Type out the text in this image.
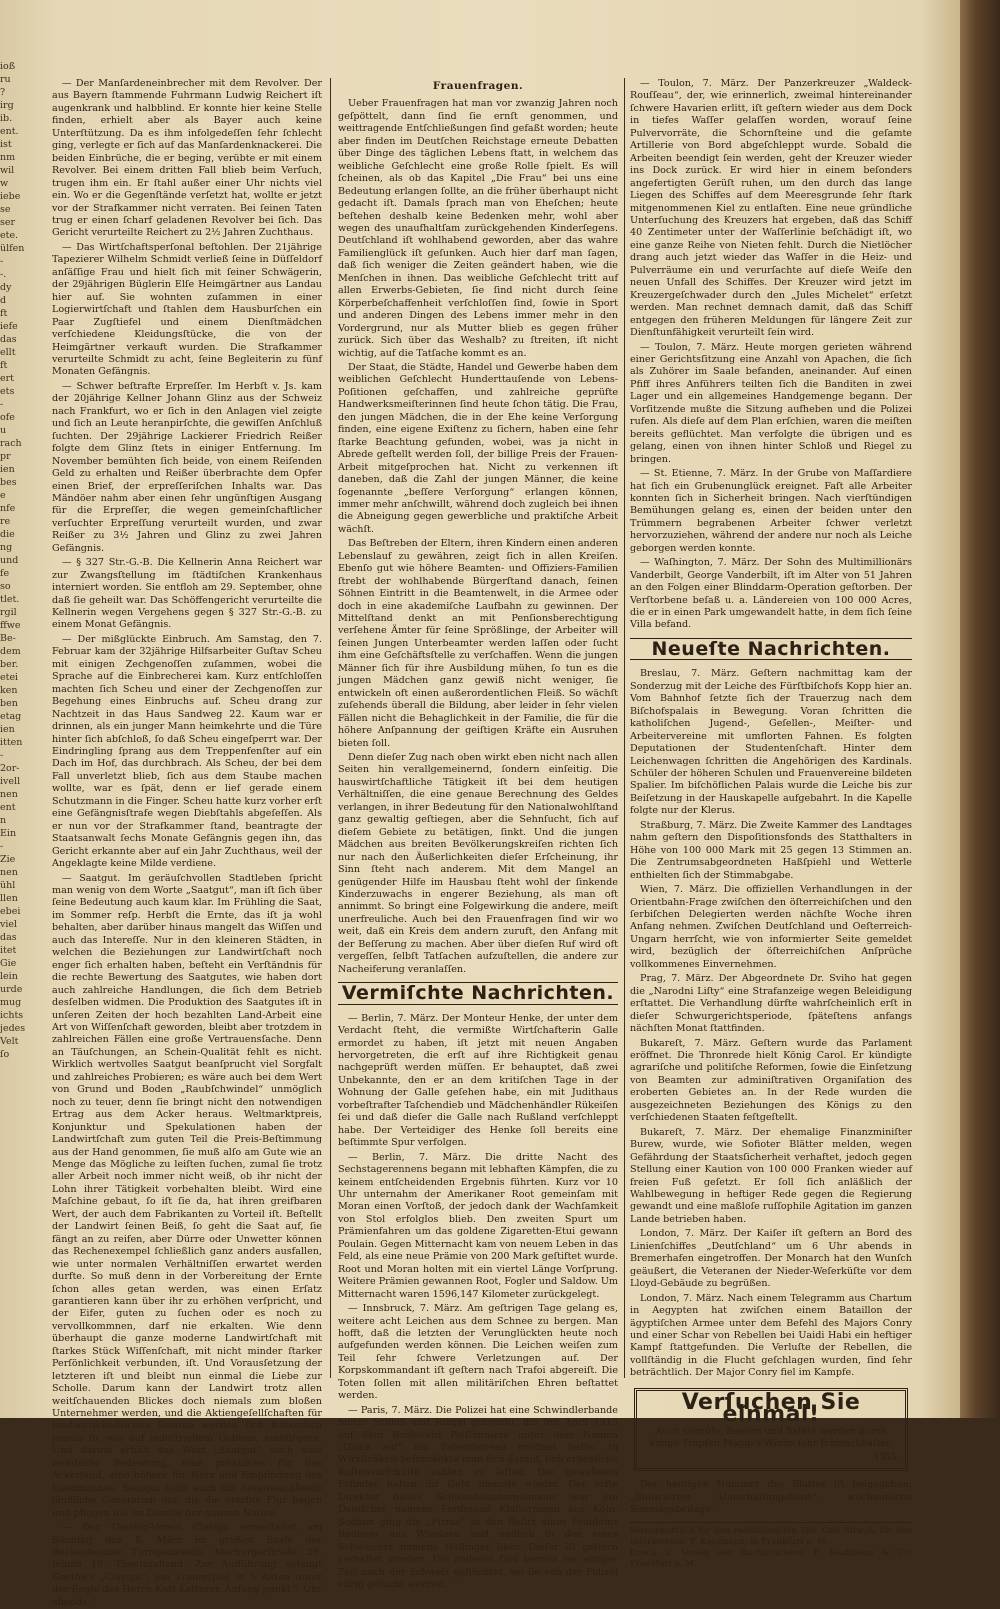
ioß
ru
?
irg
ib.
ent.
ist
nm
wil
w
iebe
se
ser
ete.
ülfen
-
-.
dy
d
ft
iefe
das
ellt
ft
ert
ets
-
ofe
u
rach
pr
ien
bes
e
nfe
re
die
ng
und
fe
so
tlet.
rgil
ffwe
Be-
dem
ber.
etei
ken
ben
etag
ien
itten
-
2or-
ivell
nen
ent
n
Ein
-
Zie
nen
ühl
llen
ebei
viel
das
itet
Gie
lein
urde
mug
ichts
jedes
Velt
ſo

— Der Manſardeneinbrecher mit dem Revolver. Der aus Bayern ſtammende Fuhrmann Ludwig Reichert iſt augenkrank und halbblind. Er konnte hier keine Stelle finden, erhielt aber als Bayer auch keine Unterſtützung. Da es ihm infolgedeſſen ſehr ſchlecht ging, verlegte er ſich auf das Manſardenknackerei. Die beiden Einbrüche, die er beging, verübte er mit einem Revolver. Bei einem dritten Fall blieb beim Verſuch, trugen ihm ein. Er ſtahl außer einer Uhr nichts viel ein. Wo er die Gegenſtände verſetzt hat, wollte er jetzt vor der Strafkammer nicht verraten. Bei ſeinen Taten trug er einen ſcharf geladenen Revolver bei ſich. Das Gericht verurteilte Reichert zu 2½ Jahren Zuchthaus.

— Das Wirtſchaftsperſonal beſtohlen. Der 21jährige Tapezierer Wilhelm Schmidt verließ ſeine in Düſſeldorf anſäſſige Frau und hielt ſich mit ſeiner Schwägerin, der 29jährigen Büglerin Elſe Heimgärtner aus Landau hier auf. Sie wohnten zuſammen in einer Logierwirtſchaft und ſtahlen dem Hausburſchen ein Paar Zugſtiefel und einem Dienſtmädchen verſchiedene Kleidungsſtücke, die von der Heimgärtner verkauft wurden. Die Strafkammer verurteilte Schmidt zu acht, ſeine Begleiterin zu fünf Monaten Gefängnis.

— Schwer beſtrafte Erpreſſer. Im Herbſt v. Js. kam der 20jährige Kellner Johann Glinz aus der Schweiz nach Frankfurt, wo er ſich in den Anlagen viel zeigte und ſich an Leute heranpirſchte, die gewiſſen Anſchluß ſuchten. Der 29jährige Lackierer Friedrich Reißer folgte dem Glinz ſtets in einiger Entfernung. Im November bemühten ſich beide, von einem Reiſenden Geld zu erhalten und Reißer überbrachte dem Opfer einen Brief, der erpreſſeriſchen Inhalts war. Das Mändöer nahm aber einen ſehr ungünſtigen Ausgang für die Erpreſſer, die wegen gemeinſchaftlicher verſuchter Erpreſſung verurteilt wurden, und zwar Reißer zu 3½ Jahren und Glinz zu zwei Jahren Gefängnis.

— § 327 Str.-G.-B. Die Kellnerin Anna Reichert war zur Zwangsſtellung im ſtädtiſchen Krankenhaus interniert worden. Sie entfloh am 29. September, ohne daß ſie geheilt war. Das Schöffengericht verurteilte die Kellnerin wegen Vergehens gegen § 327 Str.-G.-B. zu einem Monat Gefängnis.

— Der mißglückte Einbruch. Am Samstag, den 7. Februar kam der 32jährige Hilfsarbeiter Guſtav Scheu mit einigen Zechgenoſſen zuſammen, wobei die Sprache auf die Einbrecherei kam. Kurz entſchloſſen machten ſich Scheu und einer der Zechgenoſſen zur Begehung eines Einbruchs auf. Scheu drang zur Nachtzeit in das Haus Sandweg 22. Kaum war er drinnen, als ein junger Mann heimkehrte und die Türe hinter ſich abſchloß, ſo daß Scheu eingeſperrt war. Der Eindringling ſprang aus dem Treppenfenſter auf ein Dach im Hof, das durchbrach. Als Scheu, der bei dem Fall unverletzt blieb, ſich aus dem Staube machen wollte, war es ſpät, denn er lief gerade einem Schutzmann in die Finger. Scheu hatte kurz vorher erſt eine Gefängnisſtrafe wegen Diebſtahls abgeſeſſen. Als er nun vor der Strafkammer ſtand, beantragte der Staatsanwalt ſechs Monate Gefängnis gegen ihn, das Gericht erkannte aber auf ein Jahr Zuchthaus, weil der Angeklagte keine Milde verdiene.

— Saatgut. Im geräuſchvollen Stadtleben ſpricht man wenig von dem Worte „Saatgut“, man iſt ſich über ſeine Bedeutung auch kaum klar. Im Frühling die Saat, im Sommer reſp. Herbſt die Ernte, das iſt ja wohl behalten, aber darüber hinaus mangelt das Wiſſen und auch das Intereſſe. Nur in den kleineren Städten, in welchen die Beziehungen zur Landwirtſchaft noch enger ſich erhalten haben, beſteht ein Verſtändnis für die rechte Bewertung des Saatgutes, wie haben dort auch zahlreiche Handlungen, die ſich dem Betrieb desſelben widmen. Die Produktion des Saatgutes iſt in unſeren Zeiten der hoch bezahlten Land-Arbeit eine Art von Wiſſenſchaft geworden, bleibt aber trotzdem in zahlreichen Fällen eine große Vertrauensſache. Denn an Täuſchungen, an Schein-Qualität fehlt es nicht. Wirklich wertvolles Saatgut beanſprucht viel Sorgfalt und zahlreiches Probieren; es wäre auch bei dem Wert von Grund und Boden „Raubſchwindel“ unmöglich noch zu teuer, denn ſie bringt nicht den notwendigen Ertrag aus dem Acker heraus. Weltmarktpreis, Konjunktur und Spekulationen haben der Landwirtſchaft zum guten Teil die Preis-Beſtimmung aus der Hand genommen, ſie muß alſo am Gute wie an Menge das Mögliche zu leiſten ſuchen, zumal ſie trotz aller Arbeit noch immer nicht weiß, ob ihr nicht der Lohn ihrer Tätigkeit vorbehalten bleibt. Wird eine Maſchine gebaut, ſo iſt ſie da, hat ihren greifbaren Wert, der auch dem Fabrikanten zu Vorteil iſt. Beſtellt der Landwirt ſeinen Beiß, ſo geht die Saat auf, ſie fängt an zu reifen, aber Dürre oder Unwetter können das Rechenexempel ſchließlich ganz anders ausfallen, wie unter normalen Verhältniſſen erwartet werden durfte. So muß denn in der Vorbereitung der Ernte ſchon alles getan werden, was einen Erſatz garantieren kann über ihr zu erhöhen verſpricht, und der Eifer, guten zu ſuchen oder es noch zu vervollkommnen, darf nie erkalten. Wie denn überhaupt die ganze moderne Landwirtſchaft mit ſtarkes Stück Wiſſenſchaft, mit nicht minder ſtarker Perſönlichkeit verbunden, iſt. Und Vorausſetzung der letzteren iſt und bleibt nun einmal die Liebe zur Scholle. Darum kann der Landwirt trotz allen weitſchauenden Blickes doch niemals zum bloßen Unternehmer werden, und die Aktiengeſellſchaften für landwirtſchaftlichen Betrieb werden ſich ſchwerlich jemals ſo, wie auf induſtriellem Gebiete, einbürgern. Und darum erhält das Wort „Saatgut“ auch eine zweifache Bedeutung, eine praktiſche für das Ackerland, eine höhere für Herz und Empfindung des Landmannes. Saatgut ſtellt auch die heranwachſende ländliche Generation dar, die die ererbte Flur hegen und pflegen ſoll im Dienſte der ganzen Nation.

— Der Theater-Verein Clavigo veranſtaltet am Sonntag den 8. März im großen Saale der Bockenheimer Turngemeinde, Marburgerſtraße 28, ſeinen 10. Theaterabend. Zur Aufführung gelangt Goethe's „Clavigo“, ein Trauerſpiel in 5 Akten unter der Regie des Herrn Karl Ketterer. Anfang punkt 7 Uhr abends.

Frauenfragen.

Ueber Frauenfragen hat man vor zwanzig Jahren noch geſpöttelt, dann ſind ſie ernſt genommen, und weittragende Entſchließungen ſind gefaßt worden; heute aber finden im Deutſchen Reichstage erneute Debatten über Dinge des täglichen Lebens ſtatt, in welchem das weibliche Geſchlecht eine große Rolle ſpielt. Es will ſcheinen, als ob das Kapitel „Die Frau“ bei uns eine Bedeutung erlangen ſollte, an die früher überhaupt nicht gedacht iſt. Damals ſprach man von Eheſchen; heute beſtehen deshalb keine Bedenken mehr, wohl aber wegen des unaufhaltſam zurückgehenden Kinderſegens. Deutſchland iſt wohlhabend geworden, aber das wahre Familienglück iſt geſunken. Auch hier darf man ſagen, daß ſich weniger die Zeiten geändert haben, wie die Menſchen in ihnen. Das weibliche Geſchlecht tritt auf allen Erwerbs-Gebieten, ſie ſind nicht durch ſeine Körperbeſchaffenheit verſchloſſen ſind, ſowie in Sport und anderen Dingen des Lebens immer mehr in den Vordergrund, nur als Mutter blieb es gegen früher zurück. Sich über das Weshalb? zu ſtreiten, iſt nicht wichtig, auf die Tatſache kommt es an.

Der Staat, die Städte, Handel und Gewerbe haben dem weiblichen Geſchlecht Hunderttauſende von Lebens-Poſitionen geſchaffen, und zahlreiche geprüfte Handwerksmeiſterinnen ſind heute ſchon tätig. Die Frau, den jungen Mädchen, die in der Ehe keine Verſorgung finden, eine eigene Exiſtenz zu ſichern, haben eine ſehr ſtarke Beachtung gefunden, wobei, was ja nicht in Abrede geſtellt werden ſoll, der billige Preis der Frauen-Arbeit mitgeſprochen hat. Nicht zu verkennen iſt daneben, daß die Zahl der jungen Männer, die keine ſogenannte „beſſere Verſorgung“ erlangen können, immer mehr anſchwillt, während doch zugleich bei ihnen die Abneigung gegen gewerbliche und praktiſche Arbeit wächſt.

Das Beſtreben der Eltern, ihren Kindern einen anderen Lebenslauf zu gewähren, zeigt ſich in allen Kreiſen. Ebenſo gut wie höhere Beamten- und Offiziers-Familien ſtrebt der wohlhabende Bürgerſtand danach, ſeinen Söhnen Eintritt in die Beamtenwelt, in die Armee oder doch in eine akademiſche Laufbahn zu gewinnen. Der Mittelſtand denkt an mit Penſionsberechtigung verſehene Ämter für ſeine Sprößlinge, der Arbeiter will ſeinen Jungen Unterbeamter werden laſſen oder ſucht ihm eine Geſchäftsſtelle zu verſchaffen. Wenn die jungen Männer ſich für ihre Ausbildung mühen, ſo tun es die jungen Mädchen ganz gewiß nicht weniger, ſie entwickeln oft einen außerordentlichen Fleiß. So wächſt zuſehends überall die Bildung, aber leider in ſehr vielen Fällen nicht die Behaglichkeit in der Familie, die für die höhere Anſpannung der geiſtigen Kräfte ein Ausruhen bieten ſoll.

Denn dieſer Zug nach oben wirkt eben nicht nach allen Seiten hin verallgemeinernd, ſondern einſeitig. Die hauswirtſchaftliche Tätigkeit iſt bei dem heutigen Verhältniſſen, die eine genaue Berechnung des Geldes verlangen, in ihrer Bedeutung für den Nationalwohlſtand ganz gewaltig geſtiegen, aber die Sehnſucht, ſich auf dieſem Gebiete zu betätigen, ſinkt. Und die jungen Mädchen aus breiten Bevölkerungskreiſen richten ſich nur nach den Äußerlichkeiten dieſer Erſcheinung, ihr Sinn ſteht nach anderem. Mit dem Mangel an genügender Hilfe im Hausbau ſteht wohl der ſinkende Kinderzuwachs in engerer Beziehung, als man oft annimmt. So bringt eine Folgewirkung die andere, meiſt unerfreuliche. Auch bei den Frauenfragen ſind wir wo weit, daß ein Kreis dem andern zuruft, den Anfang mit der Beſſerung zu machen. Aber über dieſen Ruf wird oft vergeſſen, ſelbſt Tatſachen aufzuſtellen, die andere zur Nacheiferung veranlaſſen.

Vermiſchte Nachrichten.

— Berlin, 7. März. Der Monteur Henke, der unter dem Verdacht ſteht, die vermißte Wirtſchafterin Galle ermordet zu haben, iſt jetzt mit neuen Angaben hervorgetreten, die erſt auf ihre Richtigkeit genau nachgeprüft werden müſſen. Er behauptet, daß zwei Unbekannte, den er an dem kritiſchen Tage in der Wohnung der Galle geſehen habe, ein mit Judithaus vorbeſtrafter Taſchendieb und Mädchenhändler Rükeiſen ſei und daß dieſer die Galle nach Rußland verſchleppt habe. Der Verteidiger des Henke ſoll bereits eine beſtimmte Spur verfolgen.

— Berlin, 7. März. Die dritte Nacht des Sechstagerennens begann mit lebhaften Kämpfen, die zu keinem entſcheidenden Ergebnis führten. Kurz vor 10 Uhr unternahm der Amerikaner Root gemeinſam mit Moran einen Vorſtoß, der jedoch dank der Wachſamkeit von Stol erfolglos blieb. Den zweiten Spurt um Prämienfahren um das goldene Zigaretten-Etui gewann Poulain. Gegen Mitternacht kam von neuem Leben in das Feld, als eine neue Prämie von 200 Mark geſtiftet wurde. Root und Moran holten mit ein viertel Länge Vorſprung. Weitere Prämien gewannen Root, Fogler und Saldow. Um Mitternacht waren 1596,147 Kilometer zurückgelegt.

— Innsbruck, 7. März. Am geſtrigen Tage gelang es, weitere acht Leichen aus dem Schnee zu bergen. Man hofft, daß die letzten der Verunglückten heute noch aufgefunden werden können. Die Leichen weiſen zum Teil ſehr ſchwere Verletzungen auf. Der Korpskommandant iſt geſtern nach Trafoi abgereiſt. Die Toten ſollen mit allen militäriſchen Ehren beſtattet werden.

— Paris, 7. März. Die Polizei hat eine Schwindlerbande hinter Schloß und Riegel gebracht, die ſeit April 1913 auf dem Boulevard Poiſſonniere unter dem Namen „Glück auf“ ein Patentbureau eröffnet hatte. In Wirklichkeit beſchränkte man ſich darauf, ſich erhebliche Koſtenvorſchüſſe zahlen zu laſſen. Die geweſenen Erfinder haben ihr Geld niemals wieder. Der erſte Direktor dieſes Schwindelunternehmens war ein Deutſcher namens Ferdinand Kloſtermann aus Köln. Sodann ging die „Firma“ in den Beſitz eines Fräuleins Redener aus Wieslaen und endlich in den eines Schweizers namens Hollinger über. Dieſer iſt geſtern verhaftet worden. Die anderen ſind bereits vor einiger Zeit nach der Schweiz geflüchtet, wo ſie von der Polizei eifrig geſucht werden.

— Toulon, 7. März. Der Panzerkreuzer „Waldeck-Rouſſeau“, der, wie erinnerlich, zweimal hintereinander ſchwere Havarien erlitt, iſt geſtern wieder aus dem Dock in tiefes Waſſer gelaſſen worden, worauf ſeine Pulvervorräte, die Schornſteine und die geſamte Artillerie von Bord abgeſchleppt wurde. Sobald die Arbeiten beendigt ſein werden, geht der Kreuzer wieder ins Dock zurück. Er wird hier in einem beſonders angefertigten Gerüſt ruhen, um den durch das lange Liegen des Schiffes auf dem Meeresgrunde ſehr ſtark mitgenommenen Kiel zu entlaſten. Eine neue gründliche Unterſuchung des Kreuzers hat ergeben, daß das Schiff 40 Zentimeter unter der Waſſerlinie beſchädigt iſt, wo eine ganze Reihe von Nieten fehlt. Durch die Nietlöcher drang auch jetzt wieder das Waſſer in die Heiz- und Pulverräume ein und verurſachte auf dieſe Weiſe den neuen Unfall des Schiffes. Der Kreuzer wird jetzt im Kreuzergeſchwader durch den „Jules Michelet“ erſetzt werden. Man rechnet demnach damit, daß das Schiff entgegen den früheren Meldungen für längere Zeit zur Dienſtunfähigkeit verurteilt ſein wird.

— Toulon, 7. März. Heute morgen gerieten während einer Gerichtsſitzung eine Anzahl von Apachen, die ſich als Zuhörer im Saale befanden, aneinander. Auf einen Pfiff ihres Anführers teilten ſich die Banditen in zwei Lager und ein allgemeines Handgemenge begann. Der Vorſitzende mußte die Sitzung aufheben und die Polizei rufen. Als dieſe auf dem Plan erſchien, waren die meiſten bereits geflüchtet. Man verfolgte die übrigen und es gelang, einen von ihnen hinter Schloß und Riegel zu bringen.

— St. Etienne, 7. März. In der Grube von Maſſardiere hat ſich ein Grubenunglück ereignet. Faſt alle Arbeiter konnten ſich in Sicherheit bringen. Nach vierſtündigen Bemühungen gelang es, einen der beiden unter den Trümmern begrabenen Arbeiter ſchwer verletzt hervorzuziehen, während der andere nur noch als Leiche geborgen werden konnte.

— Waſhington, 7. März. Der Sohn des Multimillionärs Vanderbilt, George Vanderbilt, iſt im Alter von 51 Jahren an den Folgen einer Blinddarm-Operation geſtorben. Der Verſtorbene beſaß u. a. Ländereien von 100 000 Acres, die er in einen Park umgewandelt hatte, in dem ſich ſeine Villa befand.

Neueſte Nachrichten.

Breslau, 7. März. Geſtern nachmittag kam der Sonderzug mit der Leiche des Fürſtbiſchofs Kopp hier an. Vom Bahnhof ſetzte ſich der Trauerzug nach dem Biſchofspalais in Bewegung. Voran ſchritten die katholiſchen Jugend-, Geſellen-, Meiſter- und Arbeitervereine mit umflorten Fahnen. Es folgten Deputationen der Studentenſchaft. Hinter dem Leichenwagen ſchritten die Angehörigen des Kardinals. Schüler der höheren Schulen und Frauenvereine bildeten Spalier. Im biſchöflichen Palais wurde die Leiche bis zur Beiſetzung in der Hauskapelle aufgebahrt. In die Kapelle folgte nur der Klerus.

Straßburg, 7. März. Die Zweite Kammer des Landtages nahm geſtern den Dispoſitionsfonds des Statthalters in Höhe von 100 000 Mark mit 25 gegen 13 Stimmen an. Die Zentrumsabgeordneten Haßſpiehl und Wetterle enthielten ſich der Stimmabgabe.

Wien, 7. März. Die offiziellen Verhandlungen in der Orientbahn-Frage zwiſchen den öſterreichiſchen und den ſerbiſchen Delegierten werden nächſte Woche ihren Anfang nehmen. Zwiſchen Deutſchland und Oeſterreich-Ungarn herrſcht, wie von informierter Seite gemeldet wird, bezüglich der öſterreichiſchen Anſprüche vollkommenes Einvernehmen.

Prag, 7. März. Der Abgeordnete Dr. Sviho hat gegen die „Narodni Liſty“ eine Strafanzeige wegen Beleidigung erſtattet. Die Verhandlung dürfte wahrſcheinlich erſt in dieſer Schwurgerichtsperiode, ſpäteſtens anfangs nächſten Monat ſtattfinden.

Bukareſt, 7. März. Geſtern wurde das Parlament eröffnet. Die Thronrede hielt König Carol. Er kündigte agrariſche und politiſche Reformen, ſowie die Einſetzung von Beamten zur adminiſtrativen Organiſation des eroberten Gebietes an. In der Rede wurden die ausgezeichneten Beziehungen des Königs zu den verſchiedenen Staaten feſtgeſtellt.

Bukareſt, 7. März. Der ehemalige Finanzminiſter Burew, wurde, wie Sofioter Blätter melden, wegen Gefährdung der Staatsſicherheit verhaftet, jedoch gegen Stellung einer Kaution von 100 000 Franken wieder auf freien Fuß geſetzt. Er ſoll ſich anläßlich der Wahlbewegung in heftiger Rede gegen die Regierung gewandt und eine maßloſe ruſſophile Agitation im ganzen Lande betrieben haben.

London, 7. März. Der Kaiſer iſt geſtern an Bord des Linienſchiffes „Deutſchland“ um 6 Uhr abends in Bremerhafen eingetroffen. Der Monarch hat den Wunſch geäußert, die Veteranen der Nieder-Weſerküſte vor dem Lloyd-Gebäude zu begrüßen.

London, 7. März. Nach einem Telegramm aus Chartum in Aegypten hat zwiſchen einem Bataillon der ägyptiſchen Armee unter dem Befehl des Majors Conry und einer Schar von Rebellen bei Uaidi Habi ein heftiger Kampf ſtattgefunden. Die Verluſte der Rebellen, die vollſtändig in die Flucht geſchlagen wurden, ſind ſehr beträchtlich. Der Major Conry fiel im Kampfe.

Verſuchen Sie einmal!
Auch Gemüſe, Saucen und Salate werden durch einige Tropfen Maggi's Würze ſehr ſchmackhafter.
1555

Der heutigen Nummer des Blattes iſt beigegeben: „Illuſtriertes Unterhaltungsblatt“, wöchentliche Sonntagsbeilage.

Verantwortlich für den redaktionellen Teil: Carl Strauß, für den Inſeratenteil: F. Kaufmann, in Frankfurt a. M.
Druck u. Verlag der Buchdruckerei F. Kaufmann & Co. Frankfurt a. M.
